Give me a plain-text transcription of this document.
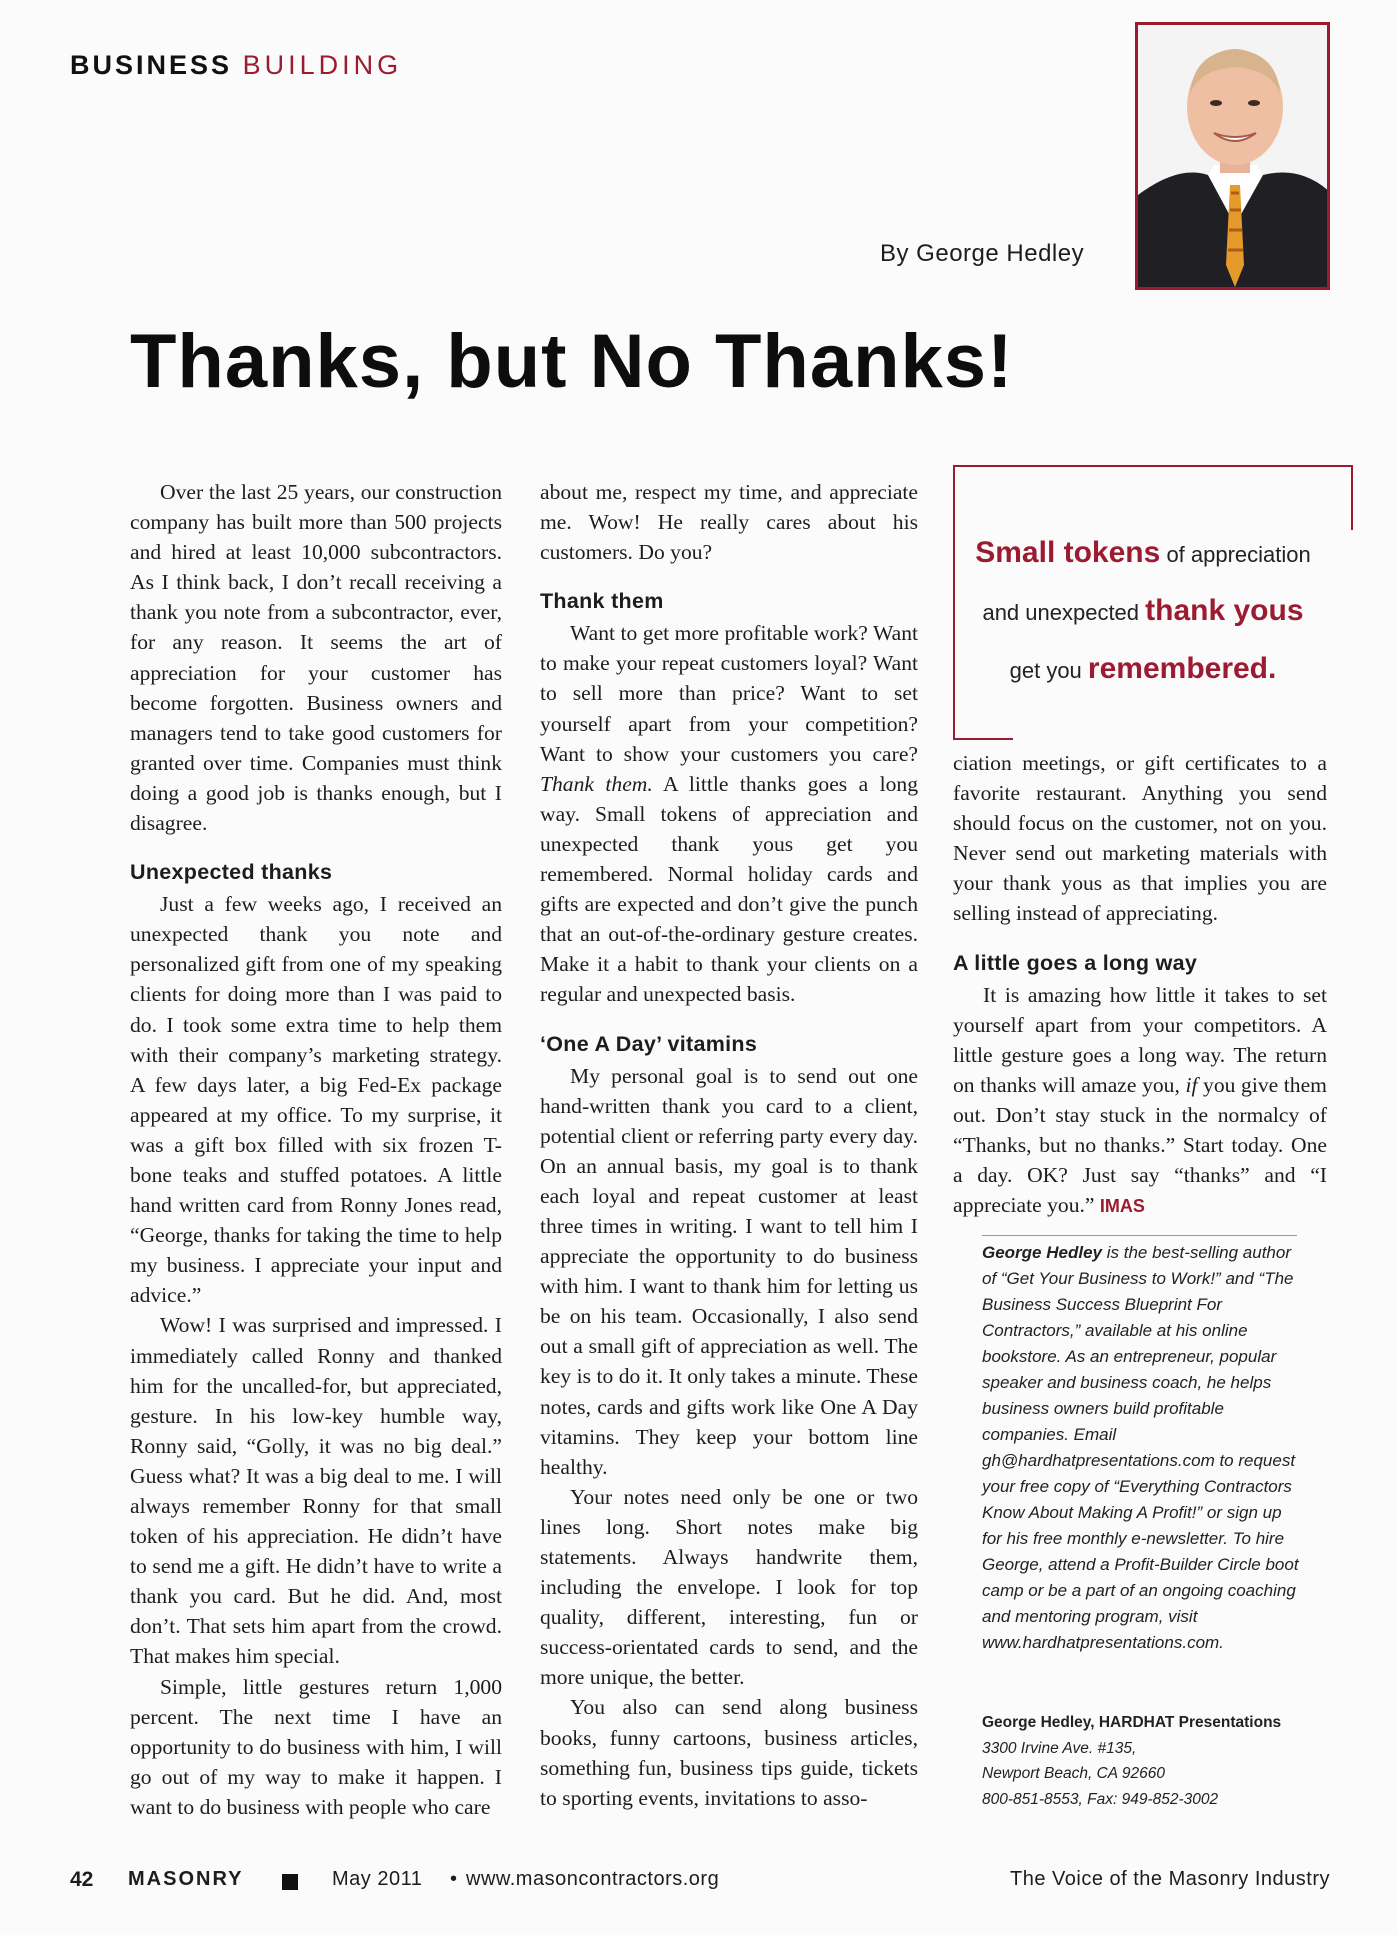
BUSINESS BUILDING
By George Hedley
Thanks, but No Thanks!

Over the last 25 years, our construction company has built more than 500 projects and hired at least 10,000 subcontractors. As I think back, I don’t recall receiving a thank you note from a subcontractor, ever, for any reason. It seems the art of appreciation for your customer has become forgotten. Business owners and managers tend to take good customers for granted over time. Companies must think doing a good job is thanks enough, but I disagree.

Unexpected thanks

Just a few weeks ago, I received an unexpected thank you note and personalized gift from one of my speaking clients for doing more than I was paid to do. I took some extra time to help them with their company’s marketing strategy. A few days later, a big Fed-Ex package appeared at my office. To my surprise, it was a gift box filled with six frozen T-bone teaks and stuffed potatoes. A little hand written card from Ronny Jones read, “George, thanks for taking the time to help my business. I appreciate your input and advice.”

Wow! I was surprised and impressed. I immediately called Ronny and thanked him for the uncalled-for, but appreciated, gesture. In his low-key humble way, Ronny said, “Golly, it was no big deal.” Guess what? It was a big deal to me. I will always remember Ronny for that small token of his appreciation. He didn’t have to send me a gift. He didn’t have to write a thank you card. But he did. And, most don’t. That sets him apart from the crowd. That makes him special.

Simple, little gestures return 1,000 percent. The next time I have an opportunity to do business with him, I will go out of my way to make it happen. I want to do business with people who care

about me, respect my time, and appreciate me. Wow! He really cares about his customers. Do you?

Thank them

Want to get more profitable work? Want to make your repeat customers loyal? Want to sell more than price? Want to set yourself apart from your competition? Want to show your customers you care? Thank them. A little thanks goes a long way. Small tokens of appreciation and unexpected thank yous get you remembered. Normal holiday cards and gifts are expected and don’t give the punch that an out-of-the-ordinary gesture creates. Make it a habit to thank your clients on a regular and unexpected basis.

‘One A Day’ vitamins

My personal goal is to send out one hand-written thank you card to a client, potential client or referring party every day. On an annual basis, my goal is to thank each loyal and repeat customer at least three times in writing. I want to tell him I appreciate the opportunity to do business with him. I want to thank him for letting us be on his team. Occasionally, I also send out a small gift of appreciation as well. The key is to do it. It only takes a minute. These notes, cards and gifts work like One A Day vitamins. They keep your bottom line healthy.

Your notes need only be one or two lines long. Short notes make big statements. Always handwrite them, including the envelope. I look for top quality, different, interesting, fun or success-orientated cards to send, and the more unique, the better.

You also can send along business books, funny cartoons, business articles, something fun, business tips guide, tickets to sporting events, invitations to asso-

Small tokens of appreciation
and unexpected thank yous
get you remembered.

ciation meetings, or gift certificates to a favorite restaurant. Anything you send should focus on the customer, not on you. Never send out marketing materials with your thank yous as that implies you are selling instead of appreciating.

A little goes a long way

It is amazing how little it takes to set yourself apart from your competitors. A little gesture goes a long way. The return on thanks will amaze you, if you give them out. Don’t stay stuck in the normalcy of “Thanks, but no thanks.” Start today. One a day. OK? Just say “thanks” and “I appreciate you.” IMAS

George Hedley is the best-selling author of “Get Your Business to Work!” and “The Business Success Blueprint For Contractors,” available at his online bookstore. As an entrepreneur, popular speaker and business coach, he helps business owners build profitable companies. Email gh@hardhatpresentations.com to request your free copy of “Everything Contractors Know About Making A Profit!” or sign up for his free monthly e-newsletter. To hire George, attend a Profit-Builder Circle boot camp or be a part of an ongoing coaching and mentoring program, visit www.hardhatpresentations.com.
George Hedley, HARDHAT Presentations
3300 Irvine Ave. #135,
Newport Beach, CA 92660
800-851-8553, Fax: 949-852-3002
42 MASONRY	May 2011 • www.masoncontractors.org	The Voice of the Masonry Industry
